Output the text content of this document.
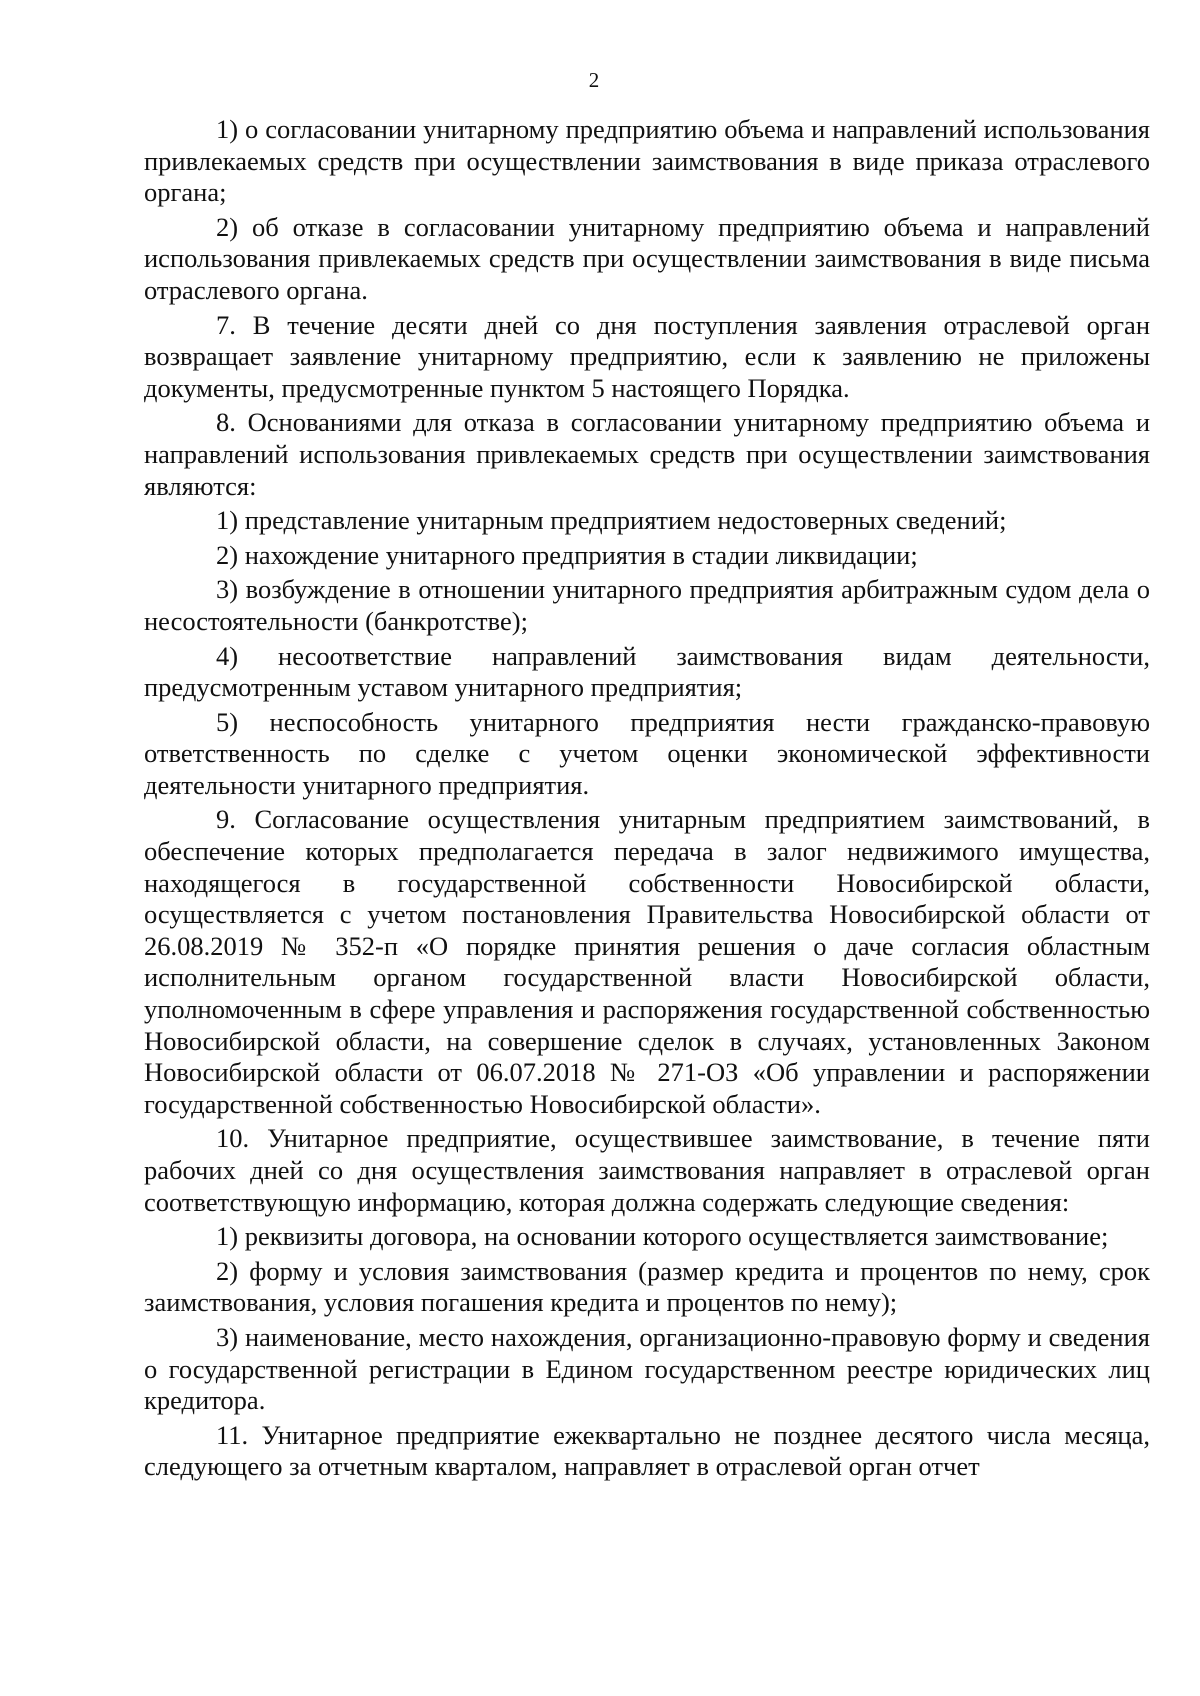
2

1) о согласовании унитарному предприятию объема и направлений использования привлекаемых средств при осуществлении заимствования в виде приказа отраслевого органа;

2) об отказе в согласовании унитарному предприятию объема и направлений использования привлекаемых средств при осуществлении заимствования в виде письма отраслевого органа.

7. В течение десяти дней со дня поступления заявления отраслевой орган возвращает заявление унитарному предприятию, если к заявлению не приложены документы, предусмотренные пунктом 5 настоящего Порядка.

8. Основаниями для отказа в согласовании унитарному предприятию объема и направлений использования привлекаемых средств при осуществлении заимствования являются:

1) представление унитарным предприятием недостоверных сведений;

2) нахождение унитарного предприятия в стадии ликвидации;

3) возбуждение в отношении унитарного предприятия арбитражным судом дела о несостоятельности (банкротстве);

4) несоответствие направлений заимствования видам деятельности, предусмотренным уставом унитарного предприятия;

5) неспособность унитарного предприятия нести гражданско-правовую ответственность по сделке с учетом оценки экономической эффективности деятельности унитарного предприятия.

9. Согласование осуществления унитарным предприятием заимствований, в обеспечение которых предполагается передача в залог недвижимого имущества, находящегося в государственной собственности Новосибирской области, осуществляется с учетом постановления Правительства Новосибирской области от 26.08.2019 № 352-п «О порядке принятия решения о даче согласия областным исполнительным органом государственной власти Новосибирской области, уполномоченным в сфере управления и распоряжения государственной собственностью Новосибирской области, на совершение сделок в случаях, установленных Законом Новосибирской области от 06.07.2018 № 271-ОЗ «Об управлении и распоряжении государственной собственностью Новосибирской области».

10. Унитарное предприятие, осуществившее заимствование, в течение пяти рабочих дней со дня осуществления заимствования направляет в отраслевой орган соответствующую информацию, которая должна содержать следующие сведения:

1) реквизиты договора, на основании которого осуществляется заимствование;

2) форму и условия заимствования (размер кредита и процентов по нему, срок заимствования, условия погашения кредита и процентов по нему);

3) наименование, место нахождения, организационно-правовую форму и сведения о государственной регистрации в Едином государственном реестре юридических лиц кредитора.

11. Унитарное предприятие ежеквартально не позднее десятого числа месяца, следующего за отчетным кварталом, направляет в отраслевой орган отчет
